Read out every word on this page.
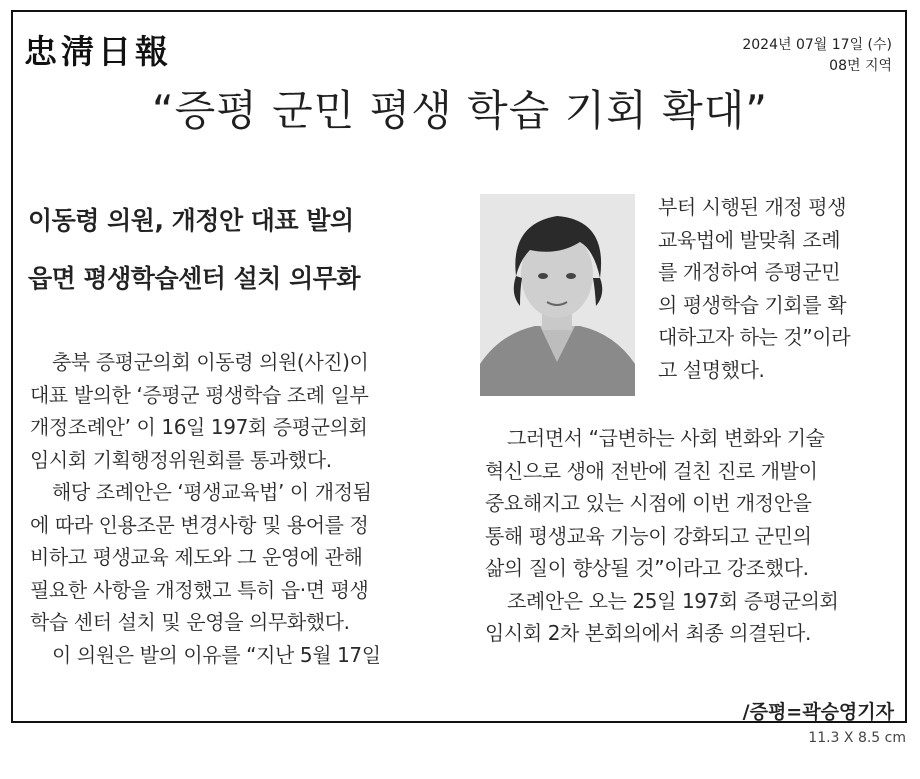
忠淸日報	2024년 07월 17일 (수)
08면 지역
“증평 군민 평생 학습 기회 확대”
이동령 의원, 개정안 대표 발의
읍면 평생학습센터 설치 의무화
충북 증평군의회 이동령 의원(사진)이
대표 발의한 ‘증평군 평생학습 조례 일부
개정조례안’ 이 16일 197회 증평군의회
임시회 기획행정위원회를 통과했다.
해당 조례안은 ‘평생교육법’ 이 개정됨
에 따라 인용조문 변경사항 및 용어를 정
비하고 평생교육 제도와 그 운영에 관해
필요한 사항을 개정했고 특히 읍·면 평생
학습 센터 설치 및 운영을 의무화했다.
이 의원은 발의 이유를 “지난 5월 17일
부터 시행된 개정 평생
교육법에 발맞춰 조례
를 개정하여 증평군민
의 평생학습 기회를 확
대하고자 하는 것”이라
고 설명했다.
그러면서 “급변하는 사회 변화와 기술
혁신으로 생애 전반에 걸친 진로 개발이
중요해지고 있는 시점에 이번 개정안을
통해 평생교육 기능이 강화되고 군민의
삶의 질이 향상될 것”이라고 강조했다.
조례안은 오는 25일 197회 증평군의회
임시회 2차 본회의에서 최종 의결된다.
/증평=곽승영기자
11.3 X 8.5 cm
